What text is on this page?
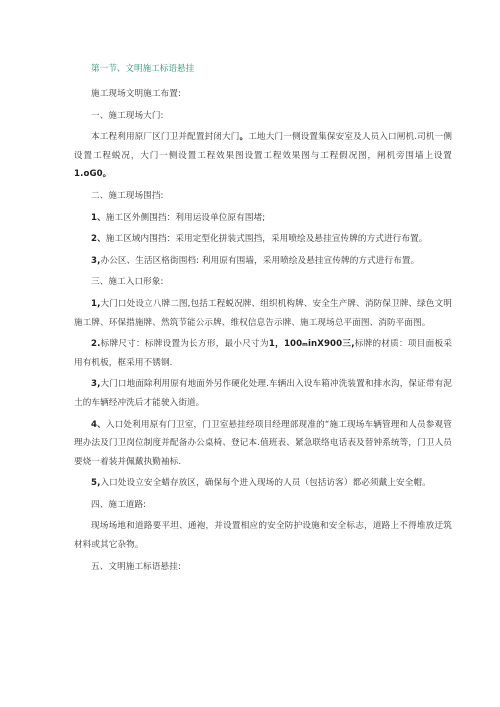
第一节、文明施工标语悬挂
施工现场文明施工布置:
一、施工现场大门:
本工程利用原厂区门卫并配置封闭大门。工地大门一侧设置集保安室及人员入口闸机.司机一侧设置工程蜕况，大门一侧设置工程效果图设置工程效果图与工程假况图，闸机旁围墙上设置1.oG0。
二、施工现场围挡:
1、施工区外侧围挡：利用运设单位原有围堵;
2、施工区域内围挡：采用定型化拼装式围挡，采用喷绘及悬挂宣传牌的方式进行布置。
3,办公区、生活区格街围档: 利用原有围墙，采用喷绘及悬挂宣传牌的方式进行布置。
三、施工入口形象:
1,大门口处设立八牌二图,包括工程蜕况牌、组织机构牌、安全生产牌、消防保卫牌、绿色文明施工牌、环保措施牌、然筑节能公示牌、维权信息告示牌、施工现场总平面图、消防平面图。
2.标牌尺寸：标牌设置为长方形，最小尺寸为1，100ₘinX900三,标牌的材质：项目面板采用有机板，框采用不锈钢.
3,大门口地面除利用原有地面外另作硬化处理.车辆出入设车箱冲洗装置和排水沟，保证带有泥土的车辆经冲洗后才能驶入街道。
4、入口处利用原有门卫室，门卫室悬挂经项目经理部现准的“施工现场车辆管理和人员参观管理办法及门卫岗位制度并配备办公桌椅、登记本.值班表、紧急联络电话表及替钟系统等，门卫人员要烧一着装并佩戴执勤袖标.
5,入口处设立安全蜡存放区，确保每个进入现场的人员（包括访客）都必须戴上安全帽。
四、施工道路:
现场场地和道路要平坦、通袍，并设置相应的安全防护设施和安全标志，道路上不得堆放迂筑材料或其它杂物。
五、文明施工标语悬挂:
